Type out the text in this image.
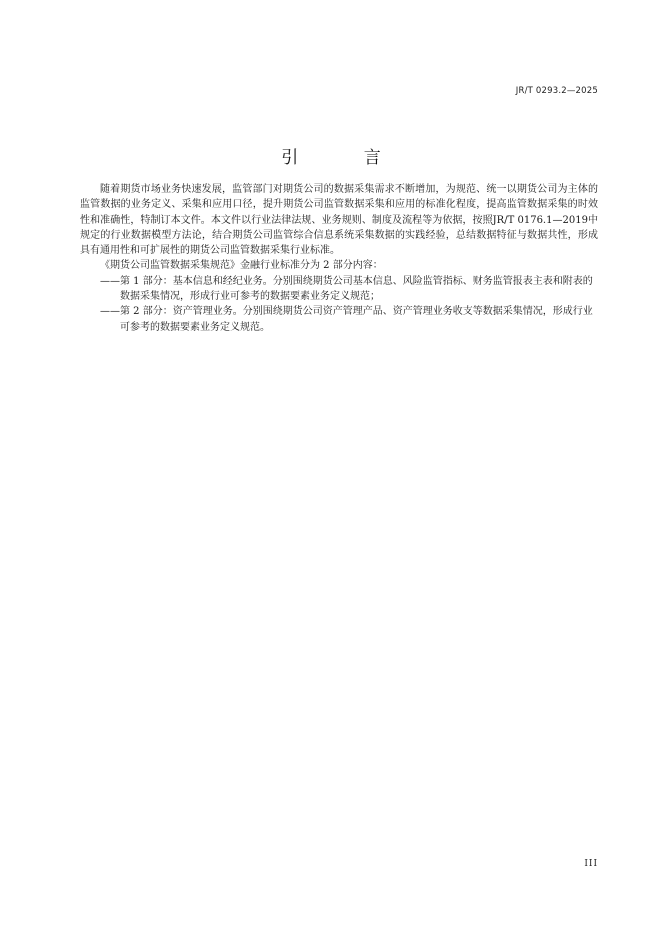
JR/T 0293.2—2025
引 言

随着期货市场业务快速发展，监管部门对期货公司的数据采集需求不断增加，为规范、统一以期货公司为主体的监管数据的业务定义、采集和应用口径，提升期货公司监管数据采集和应用的标准化程度，提高监管数据采集的时效性和准确性，特制订本文件。本文件以行业法律法规、业务规则、制度及流程等为依据，按照JR/T 0176.1—2019中规定的行业数据模型方法论，结合期货公司监管综合信息系统采集数据的实践经验，总结数据特征与数据共性，形成具有通用性和可扩展性的期货公司监管数据采集行业标准。

《期货公司监管数据采集规范》金融行业标准分为 2 部分内容：

——第 1 部分：基本信息和经纪业务。分别围绕期货公司基本信息、风险监管指标、财务监管报表主表和附表的数据采集情况，形成行业可参考的数据要素业务定义规范；

——第 2 部分：资产管理业务。分别围绕期货公司资产管理产品、资产管理业务收支等数据采集情况，形成行业可参考的数据要素业务定义规范。

III
